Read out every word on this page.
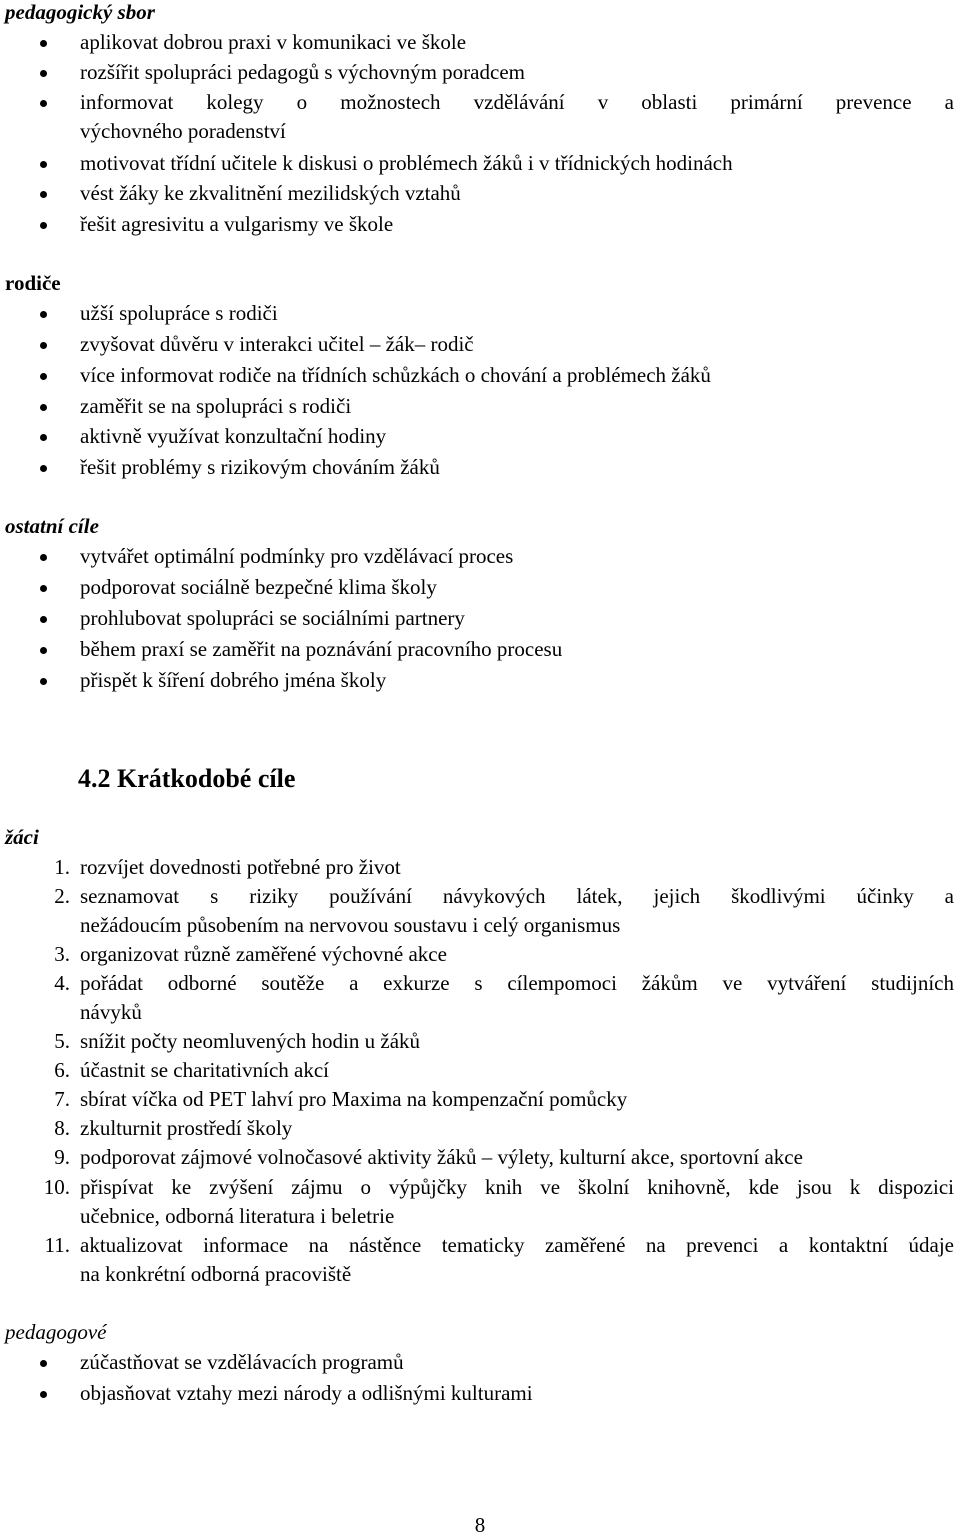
pedagogický sbor
aplikovat dobrou praxi v komunikaci ve škole
rozšířit spolupráci pedagogů s výchovným poradcem
informovat kolegy o možnostech vzdělávání v oblasti primární prevence a
výchovného poradenství
motivovat třídní učitele k diskusi o problémech žáků i v třídnických hodinách
vést žáky ke zkvalitnění mezilidských vztahů
řešit agresivitu a vulgarismy ve škole
rodiče
užší spolupráce s rodiči
zvyšovat důvěru v interakci učitel – žák– rodič
více informovat rodiče na třídních schůzkách o chování a problémech žáků
zaměřit se na spolupráci s rodiči
aktivně využívat konzultační hodiny
řešit problémy s rizikovým chováním žáků
ostatní cíle
vytvářet optimální podmínky pro vzdělávací proces
podporovat sociálně bezpečné klima školy
prohlubovat spolupráci se sociálními partnery
během praxí se zaměřit na poznávání pracovního procesu
přispět k šíření dobrého jména školy
4.2 Krátkodobé cíle
žáci
1. rozvíjet dovednosti potřebné pro život
2. seznamovat s riziky používání návykových látek, jejich škodlivými účinky a
nežádoucím působením na nervovou soustavu i celý organismus
3. organizovat různě zaměřené výchovné akce
4. pořádat odborné soutěže a exkurze s cílempomoci žákům ve vytváření studijních
návyků
5. snížit počty neomluvených hodin u žáků
6. účastnit se charitativních akcí
7. sbírat víčka od PET lahví pro Maxima na kompenzační pomůcky
8. zkulturnit prostředí školy
9. podporovat zájmové volnočasové aktivity žáků – výlety, kulturní akce, sportovní akce
10. přispívat ke zvýšení zájmu o výpůjčky knih ve školní knihovně, kde jsou k dispozici
učebnice, odborná literatura i beletrie
11. aktualizovat informace na nástěnce tematicky zaměřené na prevenci a kontaktní údaje
na konkrétní odborná pracoviště
pedagogové
zúčastňovat se vzdělávacích programů
objasňovat vztahy mezi národy a odlišnými kulturami
8
